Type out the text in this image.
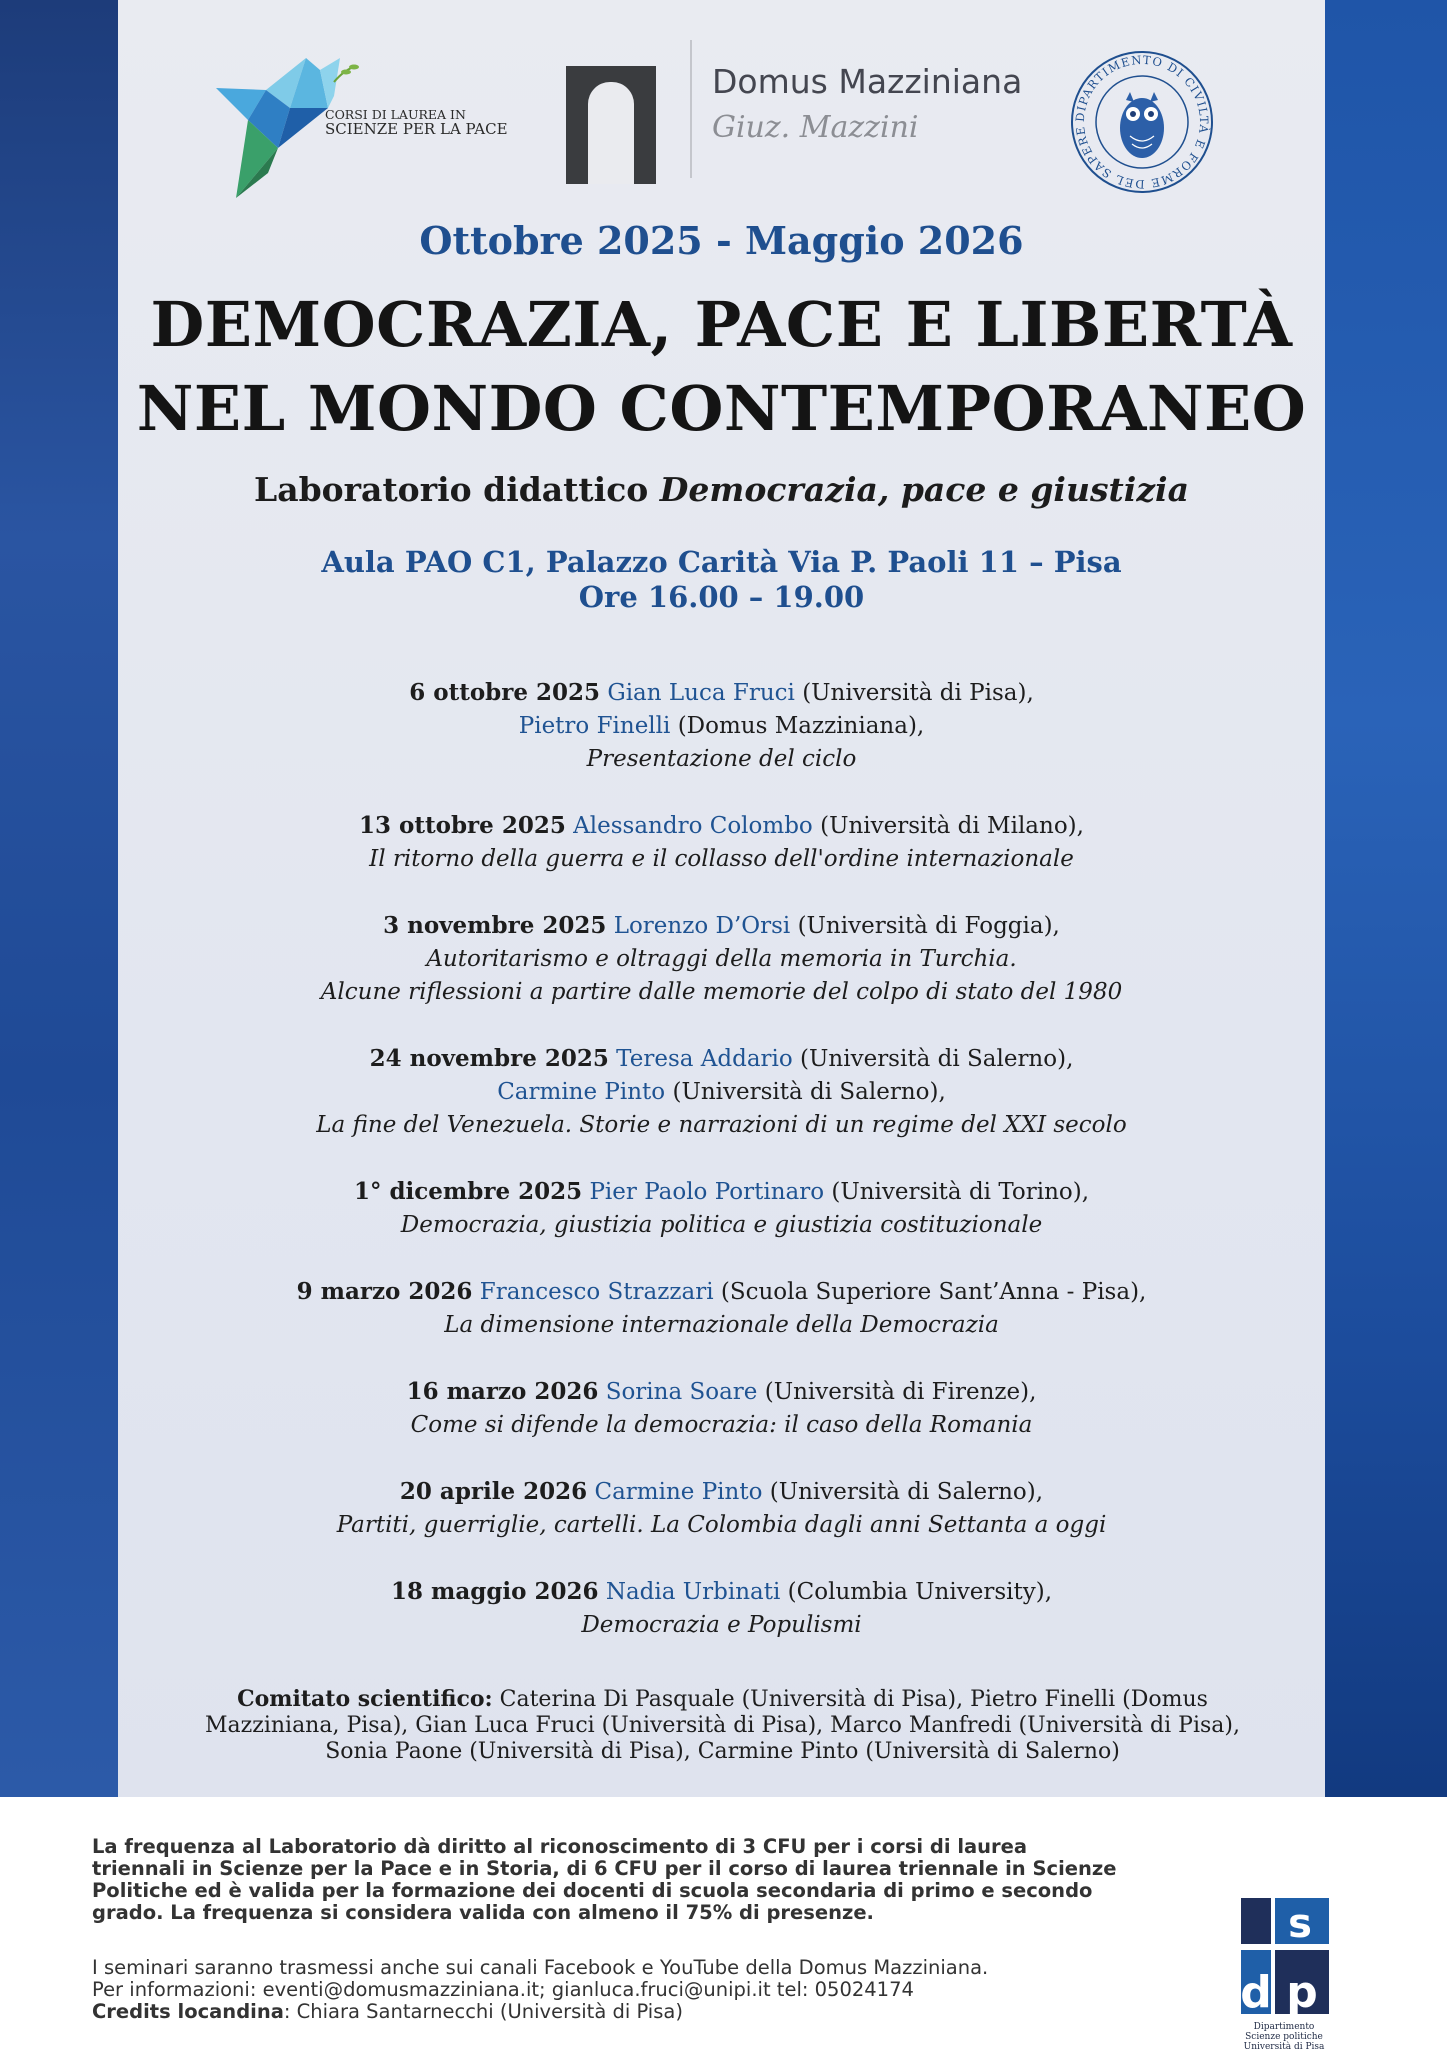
CORSI DI LAUREA IN
SCIENZE PER LA PACE
Domus Mazziniana
Giuz. Mazzini	DIPARTIMENTO DI CIVILTÀ E FORME DEL SAPERE
Ottobre 2025 - Maggio 2026
DEMOCRAZIA, PACE E LIBERTÀ
NEL MONDO CONTEMPORANEO
Laboratorio didattico Democrazia, pace e giustizia
Aula PAO C1, Palazzo Carità Via P. Paoli 11 – Pisa
Ore 16.00 – 19.00
6 ottobre 2025 Gian Luca Fruci (Università di Pisa),
Pietro Finelli (Domus Mazziniana),
Presentazione del ciclo
13 ottobre 2025 Alessandro Colombo (Università di Milano),
Il ritorno della guerra e il collasso dell'ordine internazionale
3 novembre 2025 Lorenzo D’Orsi (Università di Foggia),
Autoritarismo e oltraggi della memoria in Turchia.
Alcune riflessioni a partire dalle memorie del colpo di stato del 1980
24 novembre 2025 Teresa Addario (Università di Salerno),
Carmine Pinto (Università di Salerno),
La fine del Venezuela. Storie e narrazioni di un regime del XXI secolo
1° dicembre 2025 Pier Paolo Portinaro (Università di Torino),
Democrazia, giustizia politica e giustizia costituzionale
9 marzo 2026 Francesco Strazzari (Scuola Superiore Sant’Anna - Pisa),
La dimensione internazionale della Democrazia
16 marzo 2026 Sorina Soare (Università di Firenze),
Come si difende la democrazia: il caso della Romania
20 aprile 2026 Carmine Pinto (Università di Salerno),
Partiti, guerriglie, cartelli. La Colombia dagli anni Settanta a oggi
18 maggio 2026 Nadia Urbinati (Columbia University),
Democrazia e Populismi
Comitato scientifico: Caterina Di Pasquale (Università di Pisa), Pietro Finelli (Domus Mazziniana, Pisa), Gian Luca Fruci (Università di Pisa), Marco Manfredi (Università di Pisa), Sonia Paone (Università di Pisa), Carmine Pinto (Università di Salerno)
La frequenza al Laboratorio dà diritto al riconoscimento di 3 CFU per i corsi di laurea
triennali in Scienze per la Pace e in Storia, di 6 CFU per il corso di laurea triennale in Scienze
Politiche ed è valida per la formazione dei docenti di scuola secondaria di primo e secondo
grado. La frequenza si considera valida con almeno il 75% di presenze.
I seminari saranno trasmessi anche sui canali Facebook e YouTube della Domus Mazziniana.
Per informazioni: eventi@domusmazziniana.it; gianluca.fruci@unipi.it tel: 05024174
Credits locandina: Chiara Santarnecchi (Università di Pisa)
s
d p
Dipartimento
Scienze politiche
Università di Pisa
